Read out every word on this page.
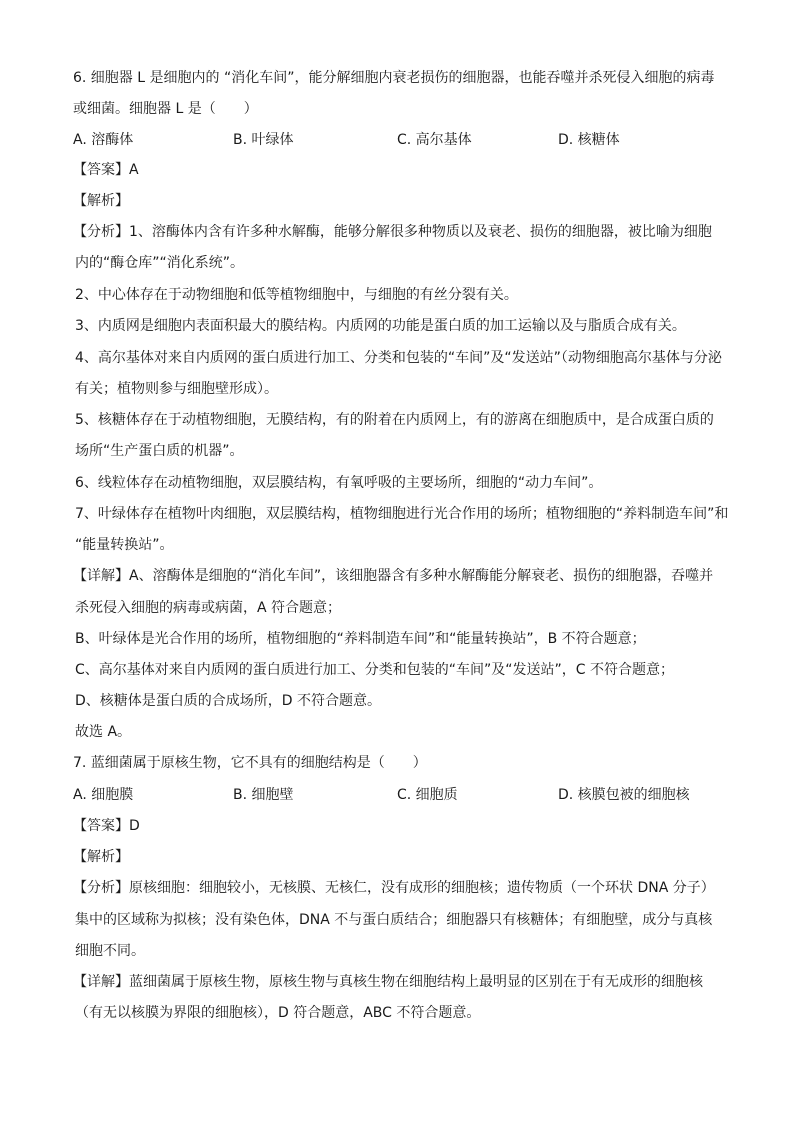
6. 细胞器 L 是细胞内的 “消化车间”，能分解细胞内衰老损伤的细胞器，也能吞噬并杀死侵入细胞的病毒
或细菌。细胞器 L 是（　　）
A. 溶酶体	B. 叶绿体	C. 高尔基体	D. 核糖体
【答案】A
【解析】
【分析】1、溶酶体内含有许多种水解酶，能够分解很多种物质以及衰老、损伤的细胞器，被比喻为细胞
内的“酶仓库”“消化系统”。
2、中心体存在于动物细胞和低等植物细胞中，与细胞的有丝分裂有关。
3、内质网是细胞内表面积最大的膜结构。内质网的功能是蛋白质的加工运输以及与脂质合成有关。
4、高尔基体对来自内质网的蛋白质进行加工、分类和包装的“车间”及“发送站”（动物细胞高尔基体与分泌
有关；植物则参与细胞壁形成）。
5、核糖体存在于动植物细胞，无膜结构，有的附着在内质网上，有的游离在细胞质中，是合成蛋白质的
场所“生产蛋白质的机器”。
6、线粒体存在动植物细胞，双层膜结构，有氧呼吸的主要场所，细胞的“动力车间”。
7、叶绿体存在植物叶肉细胞，双层膜结构，植物细胞进行光合作用的场所；植物细胞的“养料制造车间”和
“能量转换站”。
【详解】A、溶酶体是细胞的“消化车间”，该细胞器含有多种水解酶能分解衰老、损伤的细胞器，吞噬并
杀死侵入细胞的病毒或病菌，A 符合题意；
B、叶绿体是光合作用的场所，植物细胞的“养料制造车间”和“能量转换站”，B 不符合题意；
C、高尔基体对来自内质网的蛋白质进行加工、分类和包装的“车间”及“发送站”，C 不符合题意；
D、核糖体是蛋白质的合成场所，D 不符合题意。
故选 A。
7. 蓝细菌属于原核生物，它不具有的细胞结构是（　　）
A. 细胞膜	B. 细胞壁	C. 细胞质	D. 核膜包被的细胞核
【答案】D
【解析】
【分析】原核细胞：细胞较小，无核膜、无核仁，没有成形的细胞核；遗传物质（一个环状 DNA 分子）
集中的区域称为拟核；没有染色体，DNA 不与蛋白质结合；细胞器只有核糖体；有细胞壁，成分与真核
细胞不同。
【详解】蓝细菌属于原核生物，原核生物与真核生物在细胞结构上最明显的区别在于有无成形的细胞核
（有无以核膜为界限的细胞核），D 符合题意，ABC 不符合题意。
